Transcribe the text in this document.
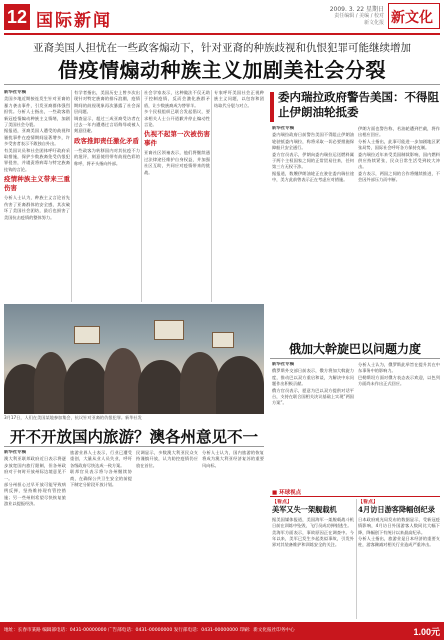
12 国际新闻
2009. 3. 22 星期日
责任编辑 / 美编 / 校对
新文化报 新文化
亚裔美国人担忧在一些政客煽动下，针对亚裔的种族歧视和仇恨犯罪可能继续增加
借疫情煽动种族主义加剧美社会分裂

新华社专稿

美国多地近期接连发生针对亚裔的暴力袭击事件，引发亚裔群体强烈担忧。分析人士指出，一些政客借新冠疫情煽动种族主义情绪，加剧了美国社会分裂。

据报道，亚裔美国人遭受的歧视和骚扰事件在疫情期间显著增多，许多受害者表示不敢独自外出。

有美国议员和社会团体呼吁政府采取措施，保护少数族裔免受仇恨犯罪侵害，并谴责将病毒与特定族裔挂钩的言论。

疫情种族主义带来三重伤害

分析人士认为，种族主义言论首先伤害了亚裔群体的安全感，其次破坏了美国社会团结，最后也损害了美国抗击疫情的整体努力。

有学者指出，美国历史上曾多次出现针对特定族裔的排斥浪潮，疫情期间的歧视现象再次暴露了社会深层问题。

调查显示，超过三成亚裔受访者在过去一年内遭遇过言语侮辱或被人刻意回避。

政客推卸责任激化矛盾

一些政客为转移国内对其抗疫不力的批评，刻意使用带有歧视色彩的称呼，将矛头指向外部。

社会学家表示，这种做法不仅无助于控制疫情，反而会激化族群矛盾，让少数族裔成为替罪羊。

多个民权组织已联合发起倡议，要求相关人士公开道歉并停止煽动性言论。

仇视不起第一次被伤害事件

亚裔社区领袖表示，他们将继续通过法律途径维护自身权益，并加强社区互助，共同应对疫情带来的挑战。

专家呼吁美国社会正视种族主义问题，以包容和团结取代分裂与对立。

3月17日，人们在美国某地参加集会，抗议针对亚裔的仇恨犯罪。新华社发
开不开放国内旅游？澳各州意见不一

新华社专稿

澳大利亚联邦政府近日表示将逐步放宽国内旅行限制，但各州政府对于何时开放州际边境意见不一。

部分州担心过早开放可能导致病例反弹，坚持维持现有管控措施；另一些州则希望尽快恢复旅游业以提振经济。

旅游业界人士表示，行业已遭受重创，大量从业人员失业，呼吁各级政府尽快达成一致方案。

联邦官员表示将与各州继续协商，在确保公共卫生安全的前提下制定分阶段开放计划。

民调显示，多数澳大利亚民众支持谨慎开放，认为防控疫情仍应放在首位。

分析人士认为，国内旅游的恢复将成为澳大利亚经济复苏的重要风向标。

委内瑞拉政府警告美国：不得阻止伊朗油轮抵委

新华社专稿

委内瑞拉政府日前警告美国不得阻止伊朗油轮驶抵委内瑞拉，称将采取一切必要措施保障船只安全通行。

委方官员表示，伊朗向委内瑞拉运送燃料属于两个主权国家之间的正常贸易往来，任何第三方无权干涉。

据报道，数艘伊朗油轮正在驶往委内瑞拉途中，美方此前曾表示正在考虑应对措施。

伊朗方面也警告称，若油轮遭到拦截，将作出相应回应。

分析人士指出，此事可能进一步加剧地区紧张局势，国际社会呼吁各方保持克制。

委内瑞拉近年来受美国制裁影响，国内燃料供应持续紧张，民众日常生活受到较大冲击。

委方表示，两国之间的合作将继续推进，不会因外部压力而中断。

俄加大幹旋巴以问题力度

新华社专稿

俄罗斯外交部日前表示，俄方将加大斡旋力度，推动巴以双方重启和谈，为解决中东问题作出积极贡献。

俄方官员表示，愿意为巴以双方提供对话平台，支持在联合国相关决议基础上实现“两国方案”。

分析人士认为，俄罗斯此举旨在提升其在中东事务中的影响力。

巴勒斯坦方面对俄方表态表示欢迎，以色列方面尚未作出正式回应。

■ 环球视点

【看点】

美军又失一架舰载机

据美国媒体报道，美国海军一架舰载战斗机日前在训练中坠毁，飞行员成功弹射逃生。

美海军方面表示，事故原因正在调查中。今年以来，美军已发生多起类似事故，引发外界对其装备维护和训练安全的关注。

【看点】

4月访日游客降幅创纪录

日本政府观光局发布的数据显示，受新冠疫情影响，4月访日外国游客人数同比大幅下降，降幅创下有统计以来最高纪录。

分析人士指出，旅游业是日本经济的重要支柱，游客骤减对相关行业造成严重冲击。

地址：长春市某路 编辑部电话：0431-00000000 广告部电话：0431-00000000 发行部电话：0431-00000000 印刷：新文化报社印务中心	1.00元
